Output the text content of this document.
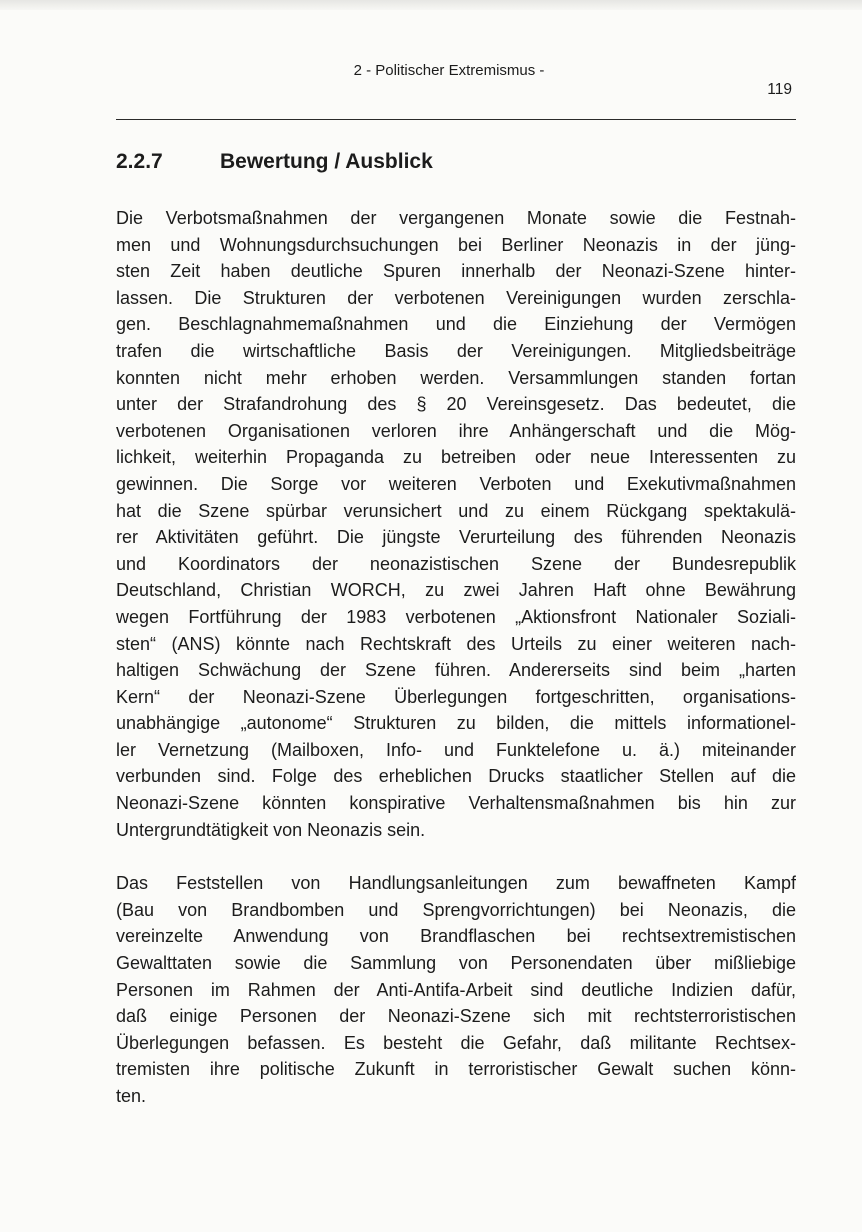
2 - Politischer Extremismus -
119
2.2.7	Bewertung / Ausblick
Die Verbotsmaßnahmen der vergangenen Monate sowie die Festnah-
men und Wohnungsdurchsuchungen bei Berliner Neonazis in der jüng-
sten Zeit haben deutliche Spuren innerhalb der Neonazi-Szene hinter-
lassen. Die Strukturen der verbotenen Vereinigungen wurden zerschla-
gen. Beschlagnahmemaßnahmen und die Einziehung der Vermögen
trafen die wirtschaftliche Basis der Vereinigungen. Mitgliedsbeiträge
konnten nicht mehr erhoben werden. Versammlungen standen fortan
unter der Strafandrohung des § 20 Vereinsgesetz. Das bedeutet, die
verbotenen Organisationen verloren ihre Anhängerschaft und die Mög-
lichkeit, weiterhin Propaganda zu betreiben oder neue Interessenten zu
gewinnen. Die Sorge vor weiteren Verboten und Exekutivmaßnahmen
hat die Szene spürbar verunsichert und zu einem Rückgang spektakulä-
rer Aktivitäten geführt. Die jüngste Verurteilung des führenden Neonazis
und Koordinators der neonazistischen Szene der Bundesrepublik
Deutschland, Christian WORCH, zu zwei Jahren Haft ohne Bewährung
wegen Fortführung der 1983 verbotenen „Aktionsfront Nationaler Soziali-
sten“ (ANS) könnte nach Rechtskraft des Urteils zu einer weiteren nach-
haltigen Schwächung der Szene führen. Andererseits sind beim „harten
Kern“ der Neonazi-Szene Überlegungen fortgeschritten, organisations-
unabhängige „autonome“ Strukturen zu bilden, die mittels informationel-
ler Vernetzung (Mailboxen, Info- und Funktelefone u. ä.) miteinander
verbunden sind. Folge des erheblichen Drucks staatlicher Stellen auf die
Neonazi-Szene könnten konspirative Verhaltensmaßnahmen bis hin zur
Untergrundtätigkeit von Neonazis sein.
Das Feststellen von Handlungsanleitungen zum bewaffneten Kampf
(Bau von Brandbomben und Sprengvorrichtungen) bei Neonazis, die
vereinzelte Anwendung von Brandflaschen bei rechtsextremistischen
Gewalttaten sowie die Sammlung von Personendaten über mißliebige
Personen im Rahmen der Anti-Antifa-Arbeit sind deutliche Indizien dafür,
daß einige Personen der Neonazi-Szene sich mit rechtsterroristischen
Überlegungen befassen. Es besteht die Gefahr, daß militante Rechtsex-
tremisten ihre politische Zukunft in terroristischer Gewalt suchen könn-
ten.
